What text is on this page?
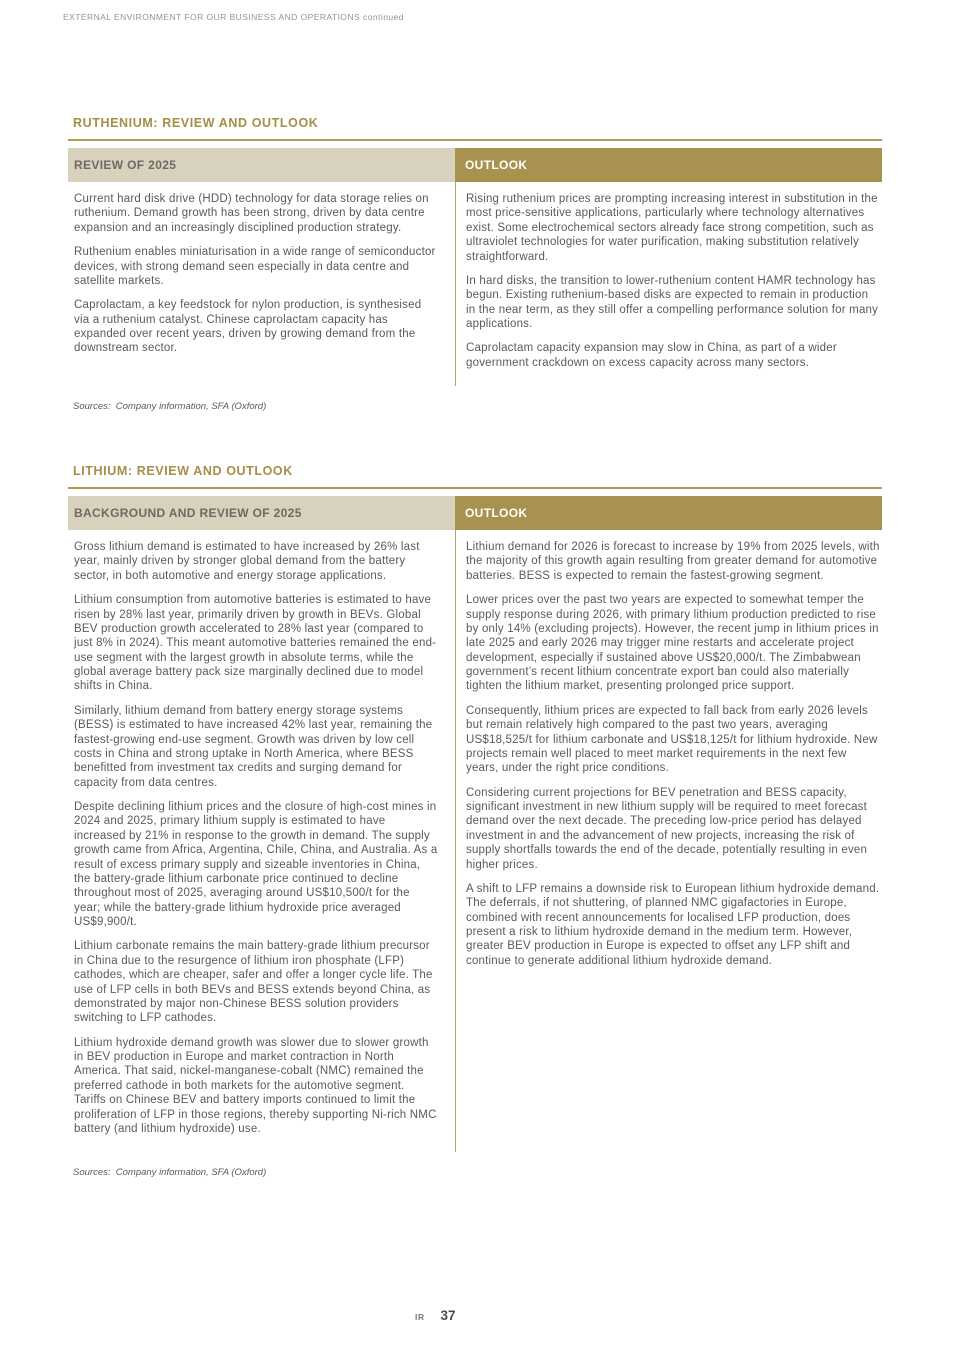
EXTERNAL ENVIRONMENT FOR OUR BUSINESS AND OPERATIONS continued
RUTHENIUM: REVIEW AND OUTLOOK
REVIEW OF 2025

Current hard disk drive (HDD) technology for data storage relies on ruthenium. Demand growth has been strong, driven by data centre expansion and an increasingly disciplined production strategy.

Ruthenium enables miniaturisation in a wide range of semiconductor devices, with strong demand seen especially in data centre and satellite markets.

Caprolactam, a key feedstock for nylon production, is synthesised via a ruthenium catalyst. Chinese caprolactam capacity has expanded over recent years, driven by growing demand from the downstream sector.

OUTLOOK

Rising ruthenium prices are prompting increasing interest in substitution in the most price-sensitive applications, particularly where technology alternatives exist. Some electrochemical sectors already face strong competition, such as ultraviolet technologies for water purification, making substitution relatively straightforward.

In hard disks, the transition to lower-ruthenium content HAMR technology has begun. Existing ruthenium-based disks are expected to remain in production in the near term, as they still offer a compelling performance solution for many applications.

Caprolactam capacity expansion may slow in China, as part of a wider government crackdown on excess capacity across many sectors.

Sources:  Company information, SFA (Oxford)
LITHIUM: REVIEW AND OUTLOOK
BACKGROUND AND REVIEW OF 2025

Gross lithium demand is estimated to have increased by 26% last year, mainly driven by stronger global demand from the battery sector, in both automotive and energy storage applications.

Lithium consumption from automotive batteries is estimated to have risen by 28% last year, primarily driven by growth in BEVs. Global BEV production growth accelerated to 28% last year (compared to just 8% in 2024). This meant automotive batteries remained the end-use segment with the largest growth in absolute terms, while the global average battery pack size marginally declined due to model shifts in China.

Similarly, lithium demand from battery energy storage systems (BESS) is estimated to have increased 42% last year, remaining the fastest-growing end-use segment. Growth was driven by low cell costs in China and strong uptake in North America, where BESS benefitted from investment tax credits and surging demand for capacity from data centres.

Despite declining lithium prices and the closure of high-cost mines in 2024 and 2025, primary lithium supply is estimated to have increased by 21% in response to the growth in demand. The supply growth came from Africa, Argentina, Chile, China, and Australia. As a result of excess primary supply and sizeable inventories in China, the battery-grade lithium carbonate price continued to decline throughout most of 2025, averaging around US$10,500/t for the year; while the battery-grade lithium hydroxide price averaged US$9,900/t.

Lithium carbonate remains the main battery-grade lithium precursor in China due to the resurgence of lithium iron phosphate (LFP) cathodes, which are cheaper, safer and offer a longer cycle life. The use of LFP cells in both BEVs and BESS extends beyond China, as demonstrated by major non-Chinese BESS solution providers switching to LFP cathodes.

Lithium hydroxide demand growth was slower due to slower growth in BEV production in Europe and market contraction in North America. That said, nickel-manganese-cobalt (NMC) remained the preferred cathode in both markets for the automotive segment. Tariffs on Chinese BEV and battery imports continued to limit the proliferation of LFP in those regions, thereby supporting Ni-rich NMC battery (and lithium hydroxide) use.

OUTLOOK

Lithium demand for 2026 is forecast to increase by 19% from 2025 levels, with the majority of this growth again resulting from greater demand for automotive batteries. BESS is expected to remain the fastest-growing segment.

Lower prices over the past two years are expected to somewhat temper the supply response during 2026, with primary lithium production predicted to rise by only 14% (excluding projects). However, the recent jump in lithium prices in late 2025 and early 2026 may trigger mine restarts and accelerate project development, especially if sustained above US$20,000/t. The Zimbabwean government’s recent lithium concentrate export ban could also materially tighten the lithium market, presenting prolonged price support.

Consequently, lithium prices are expected to fall back from early 2026 levels but remain relatively high compared to the past two years, averaging US$18,525/t for lithium carbonate and US$18,125/t for lithium hydroxide. New projects remain well placed to meet market requirements in the next few years, under the right price conditions.

Considering current projections for BEV penetration and BESS capacity, significant investment in new lithium supply will be required to meet forecast demand over the next decade. The preceding low-price period has delayed investment in and the advancement of new projects, increasing the risk of supply shortfalls towards the end of the decade, potentially resulting in even higher prices.

A shift to LFP remains a downside risk to European lithium hydroxide demand. The deferrals, if not shuttering, of planned NMC gigafactories in Europe, combined with recent announcements for localised LFP production, does present a risk to lithium hydroxide demand in the medium term. However, greater BEV production in Europe is expected to offset any LFP shift and continue to generate additional lithium hydroxide demand.

Sources:  Company information, SFA (Oxford)
IR 37
